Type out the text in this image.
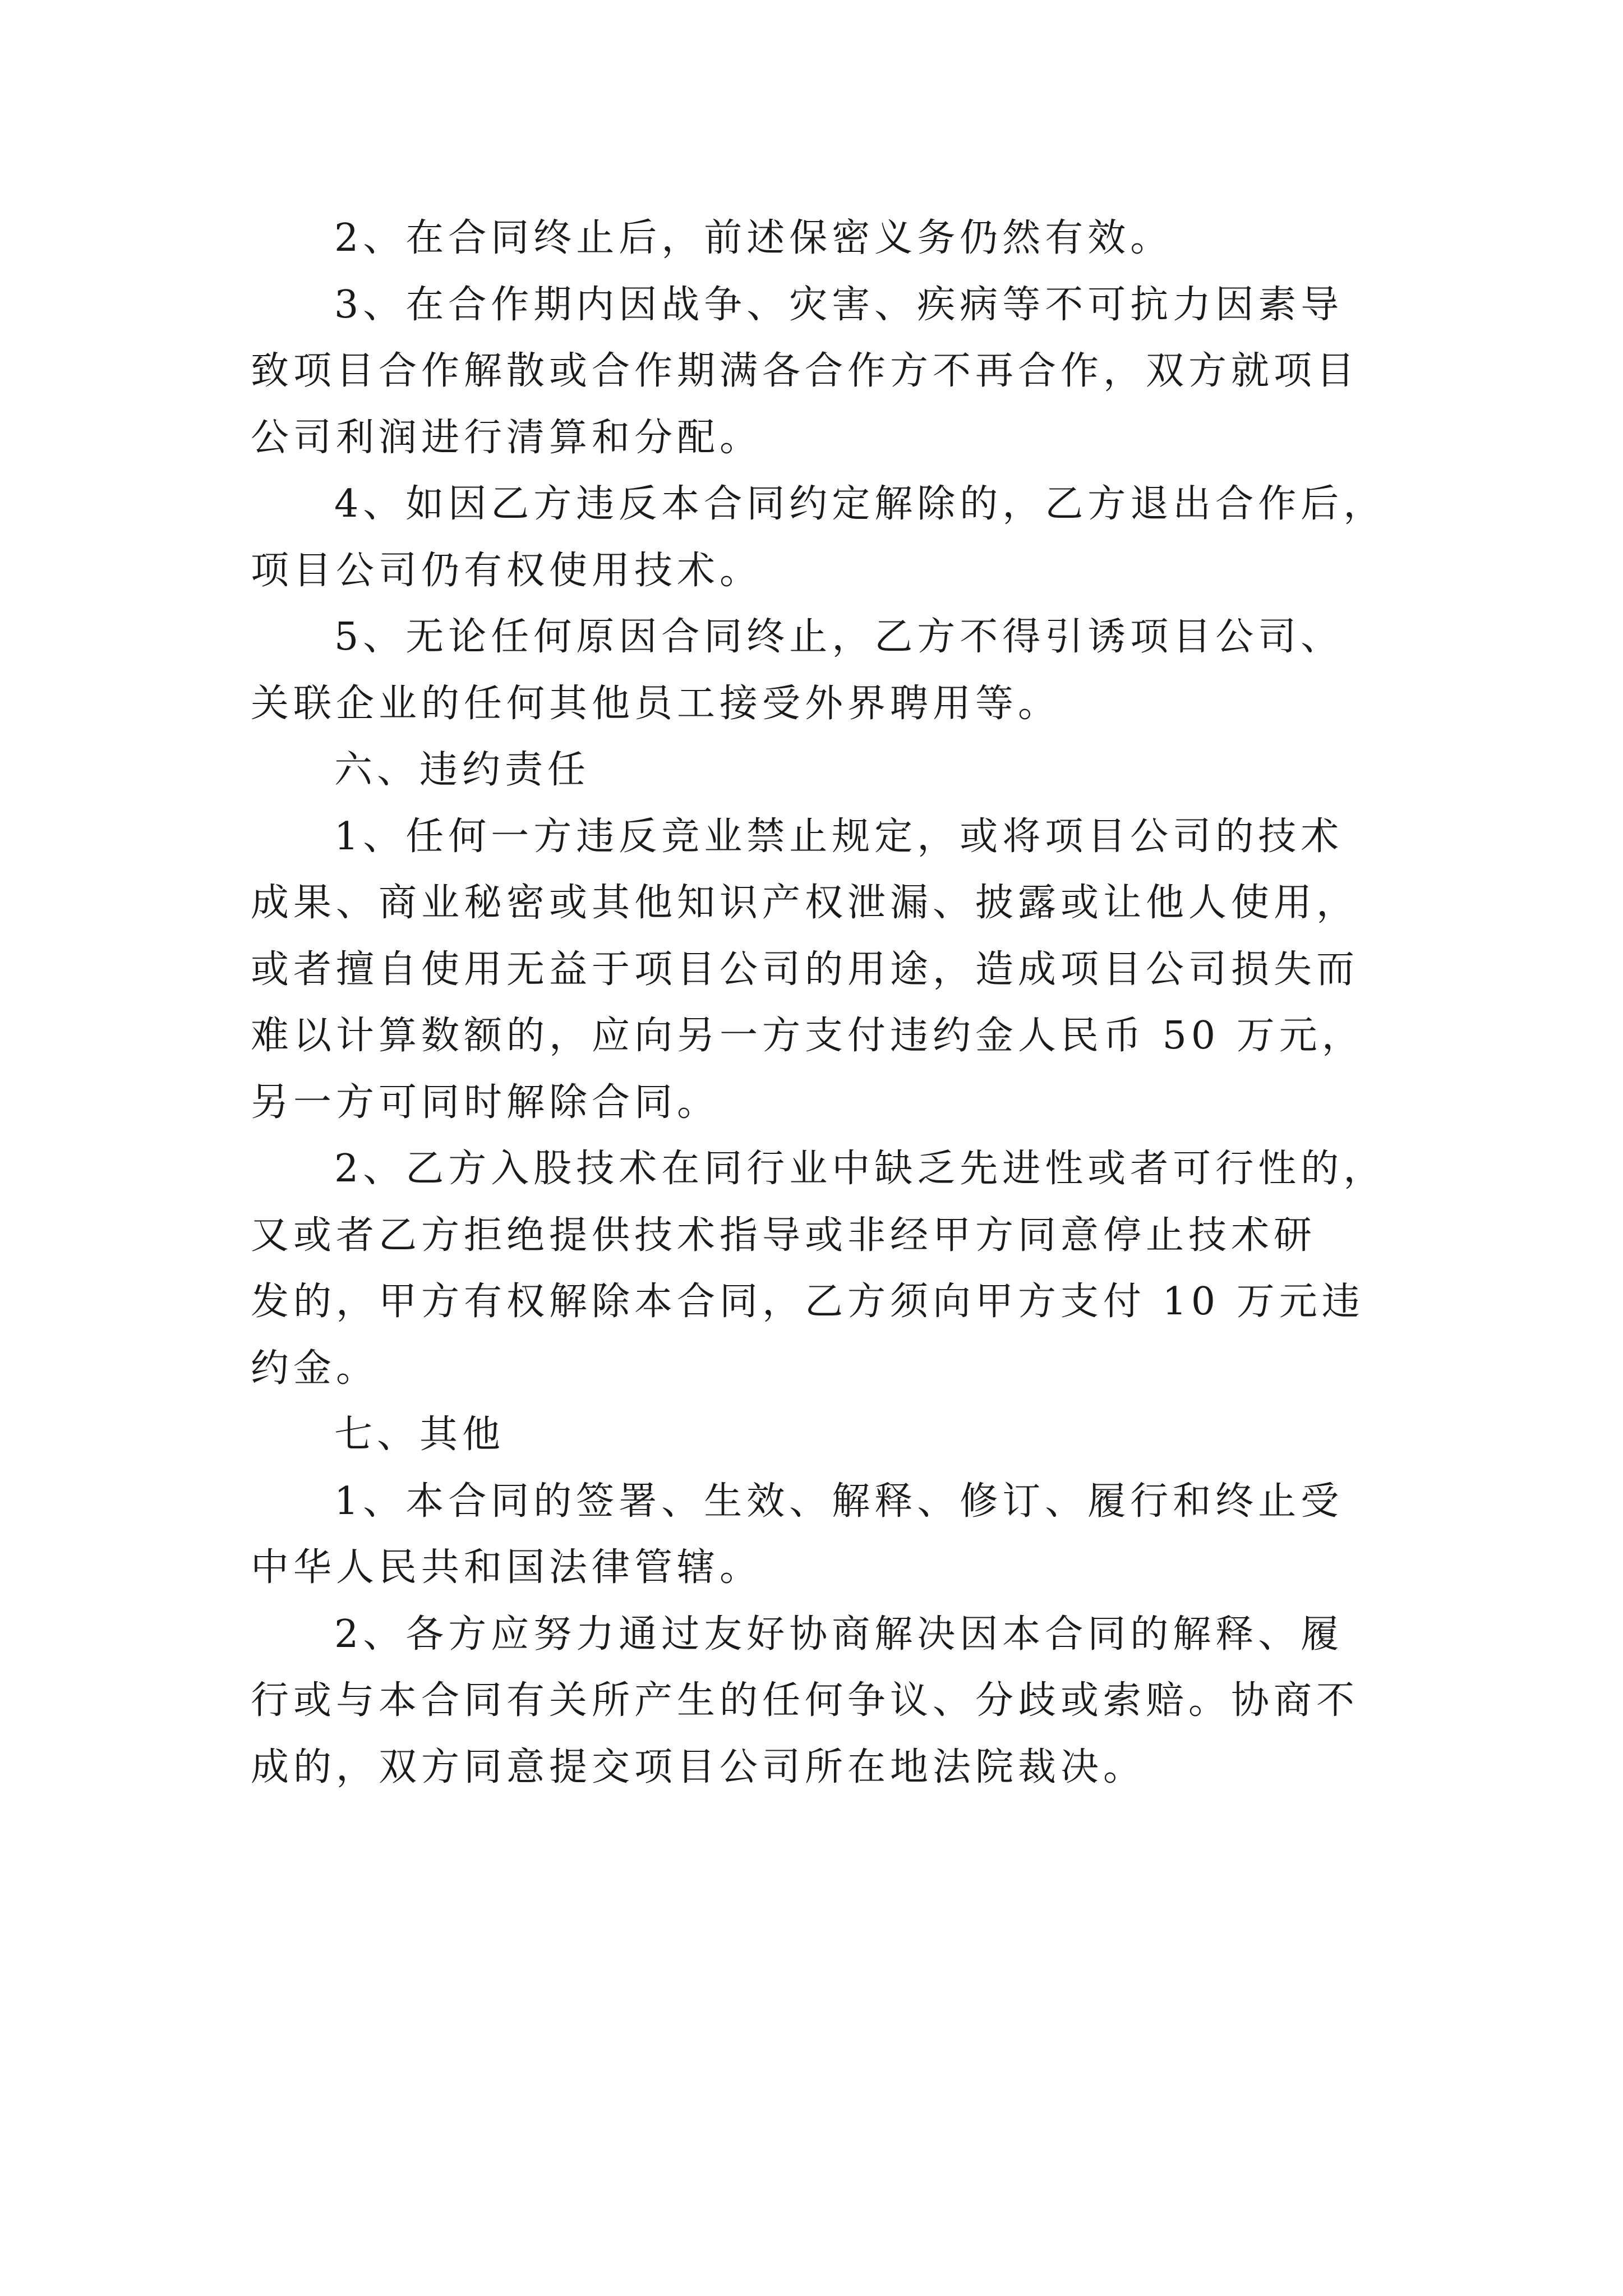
2、在合同终止后，前述保密义务仍然有效。
3、在合作期内因战争、灾害、疾病等不可抗力因素导
致项目合作解散或合作期满各合作方不再合作，双方就项目
公司利润进行清算和分配。
4、如因乙方违反本合同约定解除的，乙方退出合作后，
项目公司仍有权使用技术。
5、无论任何原因合同终止，乙方不得引诱项目公司、
关联企业的任何其他员工接受外界聘用等。
六、违约责任
1、任何一方违反竞业禁止规定，或将项目公司的技术
成果、商业秘密或其他知识产权泄漏、披露或让他人使用，
或者擅自使用无益于项目公司的用途，造成项目公司损失而
难以计算数额的，应向另一方支付违约金人民币 50 万元，
另一方可同时解除合同。
2、乙方入股技术在同行业中缺乏先进性或者可行性的，
又或者乙方拒绝提供技术指导或非经甲方同意停止技术研
发的，甲方有权解除本合同，乙方须向甲方支付 10 万元违
约金。
七、其他
1、本合同的签署、生效、解释、修订、履行和终止受
中华人民共和国法律管辖。
2、各方应努力通过友好协商解决因本合同的解释、履
行或与本合同有关所产生的任何争议、分歧或索赔。协商不
成的，双方同意提交项目公司所在地法院裁决。
